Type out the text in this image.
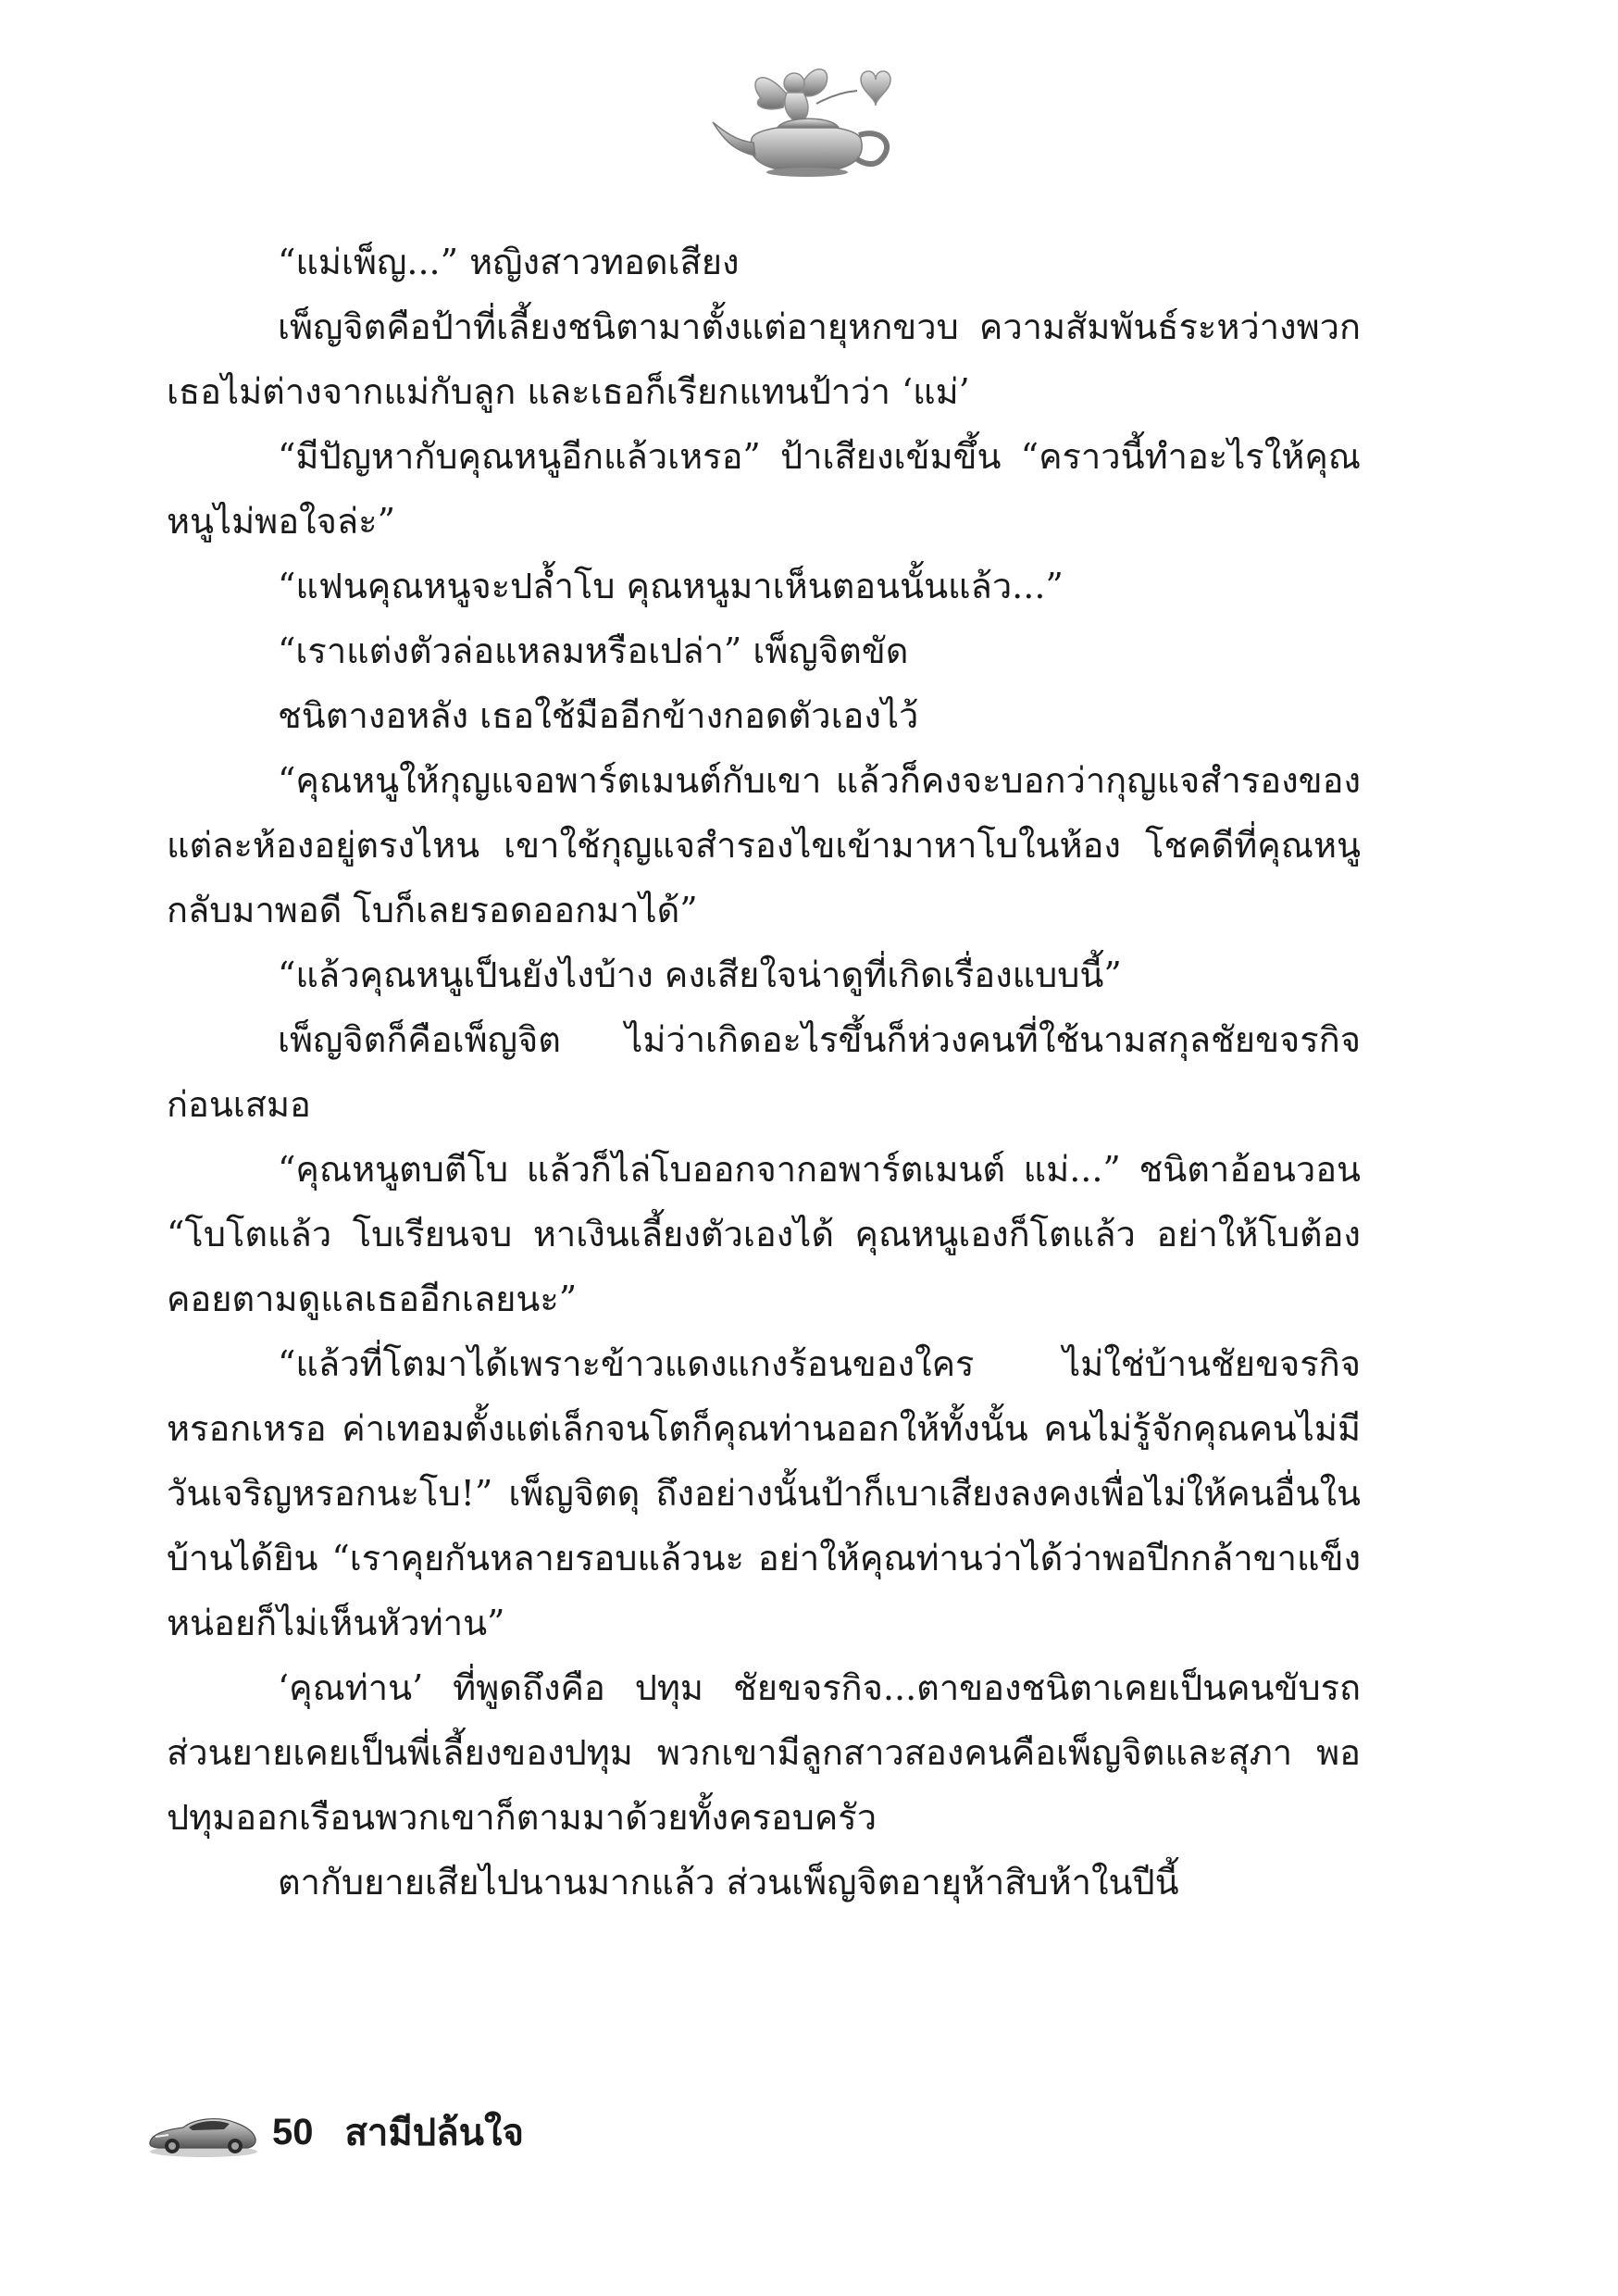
“แม่เพ็ญ...” หญิงสาวทอดเสียง

เพ็ญจิตคือป้าที่เลี้ยงชนิตามาตั้งแต่อายุหกขวบ ความสัมพันธ์ระหว่างพวกเธอไม่ต่างจากแม่กับลูก และเธอก็เรียกแทนป้าว่า ‘แม่’

“มีปัญหากับคุณหนูอีกแล้วเหรอ” ป้าเสียงเข้มขึ้น “คราวนี้ทำอะไรให้คุณหนูไม่พอใจล่ะ”

“แฟนคุณหนูจะปล้ำโบ คุณหนูมาเห็นตอนนั้นแล้ว...”

“เราแต่งตัวล่อแหลมหรือเปล่า” เพ็ญจิตขัด

ชนิตางอหลัง เธอใช้มืออีกข้างกอดตัวเองไว้

“คุณหนูให้กุญแจอพาร์ตเมนต์กับเขา แล้วก็คงจะบอกว่ากุญแจสำรองของแต่ละห้องอยู่ตรงไหน เขาใช้กุญแจสำรองไขเข้ามาหาโบในห้อง โชคดีที่คุณหนูกลับมาพอดี โบก็เลยรอดออกมาได้”

“แล้วคุณหนูเป็นยังไงบ้าง คงเสียใจน่าดูที่เกิดเรื่องแบบนี้”

เพ็ญจิตก็คือเพ็ญจิต ไม่ว่าเกิดอะไรขึ้นก็ห่วงคนที่ใช้นามสกุลชัยขจรกิจก่อนเสมอ

“คุณหนูตบตีโบ แล้วก็ไล่โบออกจากอพาร์ตเมนต์ แม่...” ชนิตาอ้อนวอน “โบโตแล้ว โบเรียนจบ หาเงินเลี้ยงตัวเองได้ คุณหนูเองก็โตแล้ว อย่าให้โบต้องคอยตามดูแลเธออีกเลยนะ”

“แล้วที่โตมาได้เพราะข้าวแดงแกงร้อนของใคร ไม่ใช่บ้านชัยขจรกิจหรอกเหรอ ค่าเทอมตั้งแต่เล็กจนโตก็คุณท่านออกให้ทั้งนั้น คนไม่รู้จักคุณคนไม่มีวันเจริญหรอกนะโบ!” เพ็ญจิตดุ ถึงอย่างนั้นป้าก็เบาเสียงลงคงเพื่อไม่ให้คนอื่นในบ้านได้ยิน “เราคุยกันหลายรอบแล้วนะ อย่าให้คุณท่านว่าได้ว่าพอปีกกล้าขาแข็งหน่อยก็ไม่เห็นหัวท่าน”

‘คุณท่าน’ ที่พูดถึงคือ ปทุม ชัยขจรกิจ...ตาของชนิตาเคยเป็นคนขับรถ ส่วนยายเคยเป็นพี่เลี้ยงของปทุม พวกเขามีลูกสาวสองคนคือเพ็ญจิตและสุภา พอปทุมออกเรือนพวกเขาก็ตามมาด้วยทั้งครอบครัว

ตากับยายเสียไปนานมากแล้ว ส่วนเพ็ญจิตอายุห้าสิบห้าในปีนี้

50 สามีปล้นใจ
